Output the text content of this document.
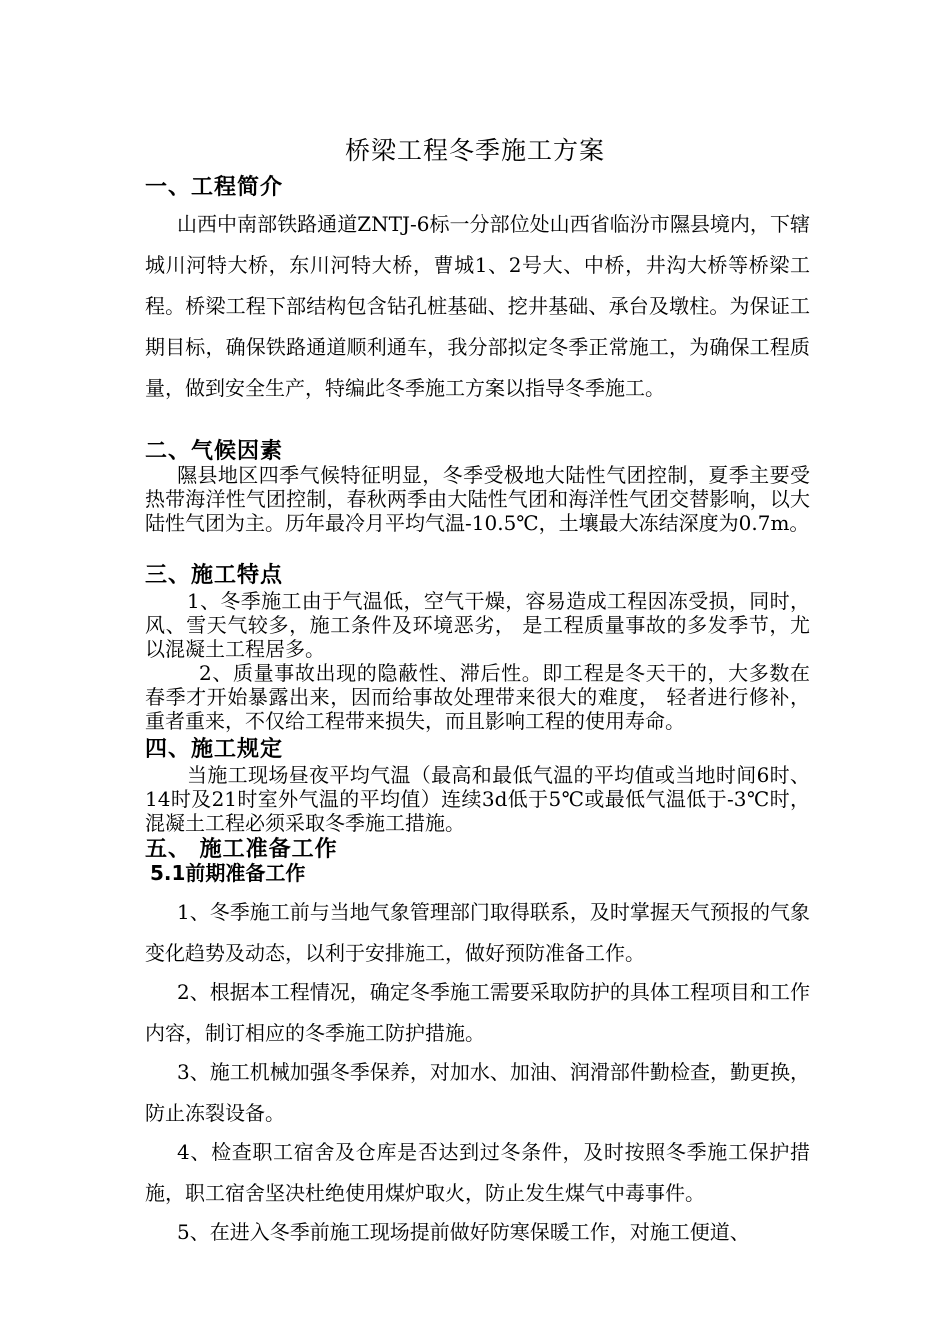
桥梁工程冬季施工方案
一、工程简介

山西中南部铁路通道ZNTJ-6标一分部位处山西省临汾市隰县境内，下辖城川河特大桥，东川河特大桥，曹城1、2号大、中桥，井沟大桥等桥梁工程。桥梁工程下部结构包含钻孔桩基础、挖井基础、承台及墩柱。为保证工期目标，确保铁路通道顺利通车，我分部拟定冬季正常施工，为确保工程质量，做到安全生产，特编此冬季施工方案以指导冬季施工。

二、气候因素

隰县地区四季气候特征明显，冬季受极地大陆性气团控制，夏季主要受热带海洋性气团控制，春秋两季由大陆性气团和海洋性气团交替影响，以大陆性气团为主。历年最冷月平均气温-10.5℃，土壤最大冻结深度为0.7m。

三、施工特点

1、冬季施工由于气温低，空气干燥，容易造成工程因冻受损，同时，风、雪天气较多，施工条件及环境恶劣， 是工程质量事故的多发季节，尤以混凝土工程居多。

2、质量事故出现的隐蔽性、滞后性。即工程是冬天干的，大多数在春季才开始暴露出来，因而给事故处理带来很大的难度， 轻者进行修补，重者重来，不仅给工程带来损失，而且影响工程的使用寿命。

四、施工规定

当施工现场昼夜平均气温（最高和最低气温的平均值或当地时间6时、14时及21时室外气温的平均值）连续3d低于5℃或最低气温低于-3℃时，混凝土工程必须采取冬季施工措施。

五、 施工准备工作
5.1前期准备工作

1、冬季施工前与当地气象管理部门取得联系，及时掌握天气预报的气象变化趋势及动态，以利于安排施工，做好预防准备工作。

2、根据本工程情况，确定冬季施工需要采取防护的具体工程项目和工作内容，制订相应的冬季施工防护措施。

3、施工机械加强冬季保养，对加水、加油、润滑部件勤检查，勤更换，防止冻裂设备。

4、检查职工宿舍及仓库是否达到过冬条件，及时按照冬季施工保护措施，职工宿舍坚决杜绝使用煤炉取火，防止发生煤气中毒事件。

5、在进入冬季前施工现场提前做好防寒保暖工作，对施工便道、
